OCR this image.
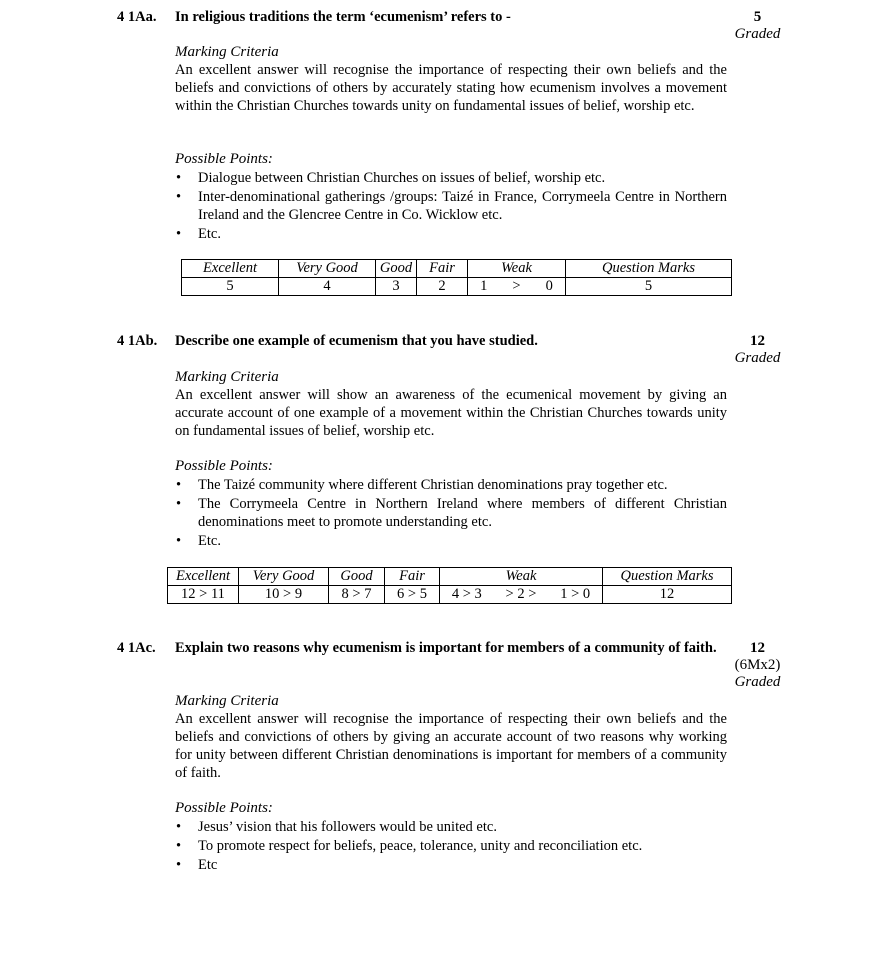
4 1Aa. In religious traditions the term ‘ecumenism’ refers to -	5
Graded
Marking Criteria
An excellent answer will recognise the importance of respecting their own beliefs and the beliefs and convictions of others by accurately stating how ecumenism involves a movement within the Christian Churches towards unity on fundamental issues of belief, worship etc.
Possible Points:
• Dialogue between Christian Churches on issues of belief, worship etc.
• Inter-denominational gatherings /groups: Taizé in France, Corrymeela Centre in Northern Ireland and the Glencree Centre in Co. Wicklow etc.
• Etc.
Excellent	Very Good	Good	Fair	Weak			Question Marks
5	4	3	2	1	>	0	5
4 1Ab. Describe one example of ecumenism that you have studied.	12
Graded
Marking Criteria
An excellent answer will show an awareness of the ecumenical movement by giving an accurate account of one example of a movement within the Christian Churches towards unity on fundamental issues of belief, worship etc.
Possible Points:
• The Taizé community where different Christian denominations pray together etc.
• The Corrymeela Centre in Northern Ireland where members of different Christian denominations meet to promote understanding etc.
• Etc.
Excellent	Very Good	Good	Fair	Weak			Question Marks
12 > 11	10 > 9	8 > 7	6 > 5	4 > 3	> 2 >	1 > 0	12
4 1Ac. Explain two reasons why ecumenism is important for members of a community of faith.	12
(6Mx2)
Graded
Marking Criteria
An excellent answer will recognise the importance of respecting their own beliefs and the beliefs and convictions of others by giving an accurate account of two reasons why working for unity between different Christian denominations is important for members of a community of faith.
Possible Points:
• Jesus’ vision that his followers would be united etc.
• To promote respect for beliefs, peace, tolerance, unity and reconciliation etc.
• Etc
